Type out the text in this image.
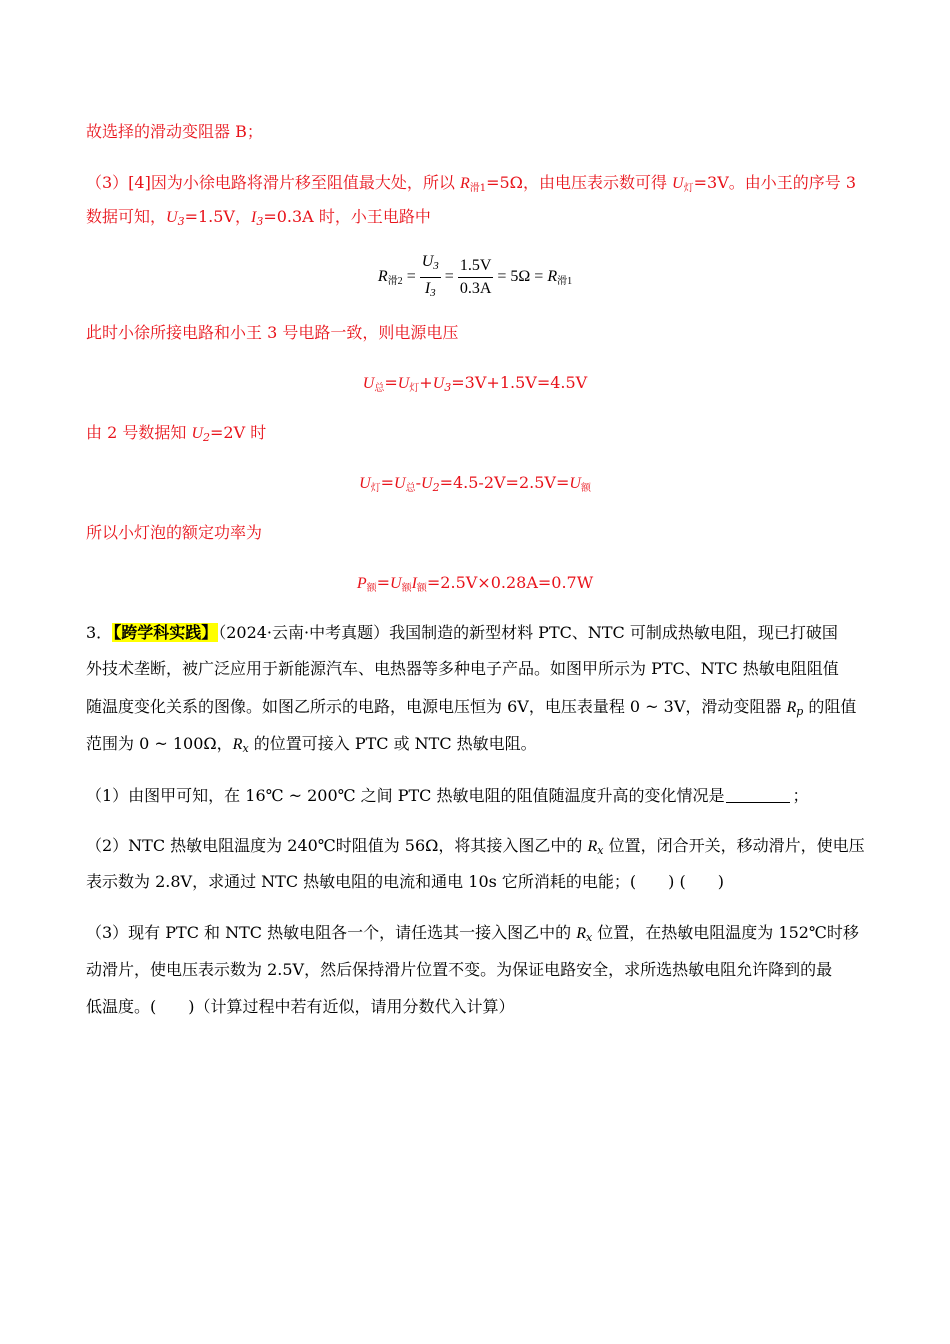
故选择的滑动变阻器 B；
（3）[4]因为小徐电路将滑片移至阻值最大处，所以 $R_{滑1}=5\Omega$，由电压表示数可得 $U_灯=3V$。由小王的序号 3
数据可知，U3=1.5V，I3=0.3A 时，小王电路中
$R_{滑2} = \frac{U3}{I3} = \frac{1.5V}{0.3A} = 5\Omega = R_{滑1}$
此时小徐所接电路和小王 3 号电路一致，则电源电压
$U_总=U_灯+U3=3V+1.5V=4.5V$
由 2 号数据知 U2=2V 时
$U_灯=U_总-U2=4.5-2V=2.5V=U_额$
所以小灯泡的额定功率为
$P_额=U_额I_额=2.5V\times 0.28A=0.7W$
3．【跨学科实践】（2024·云南·中考真题）我国制造的新型材料 PTC、NTC 可制成热敏电阻，现已打破国
外技术垄断，被广泛应用于新能源汽车、电热器等多种电子产品。如图甲所示为 PTC、NTC 热敏电阻阻值
随温度变化关系的图像。如图乙所示的电路，电源电压恒为 6V，电压表量程 0 ~ 3V，滑动变阻器 Rp 的阻值
范围为 0 ~ 100Ω，Rx 的位置可接入 PTC 或 NTC 热敏电阻。
（1）由图甲可知，在 16℃ ~ 200℃ 之间 PTC 热敏电阻的阻值随温度升高的变化情况是	；
（2）NTC 热敏电阻温度为 240℃时阻值为 56Ω，将其接入图乙中的 Rx 位置，闭合开关，移动滑片，使电压
表示数为 2.8V，求通过 NTC 热敏电阻的电流和通电 10s 它所消耗的电能；(　　) (　　)
（3）现有 PTC 和 NTC 热敏电阻各一个，请任选其一接入图乙中的 Rx 位置，在热敏电阻温度为 152℃时移
动滑片，使电压表示数为 2.5V，然后保持滑片位置不变。为保证电路安全，求所选热敏电阻允许降到的最
低温度。(　　)（计算过程中若有近似，请用分数代入计算）
